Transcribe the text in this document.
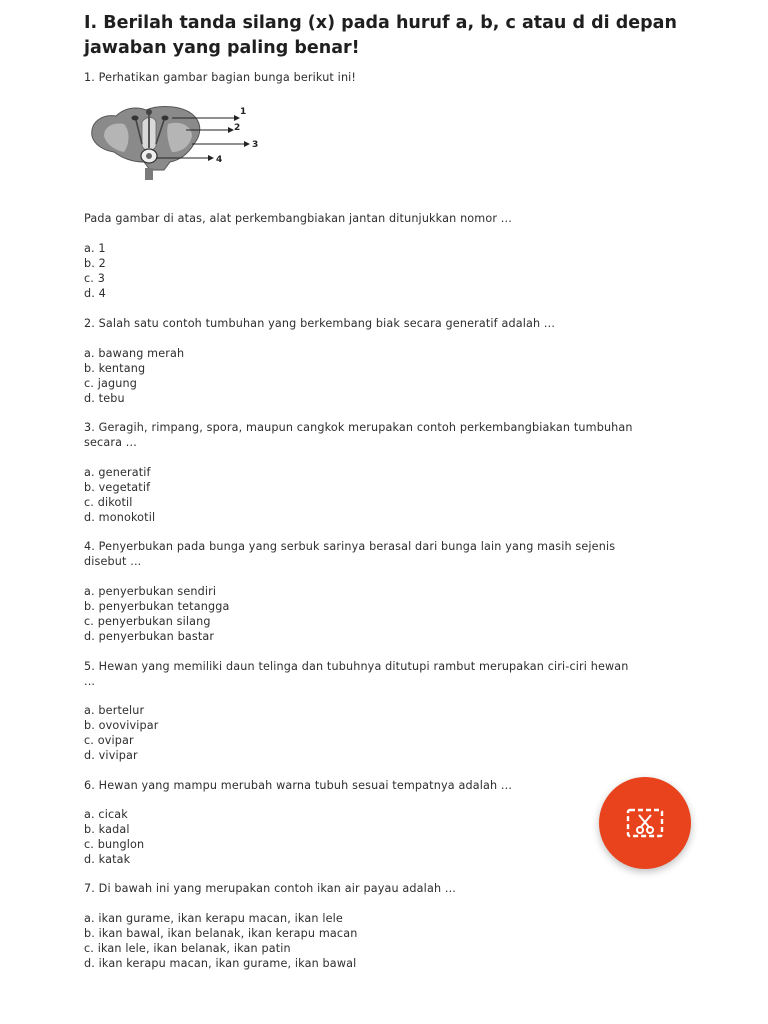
I. Berilah tanda silang (x) pada huruf a, b, c atau d di depan jawaban yang paling benar!
1. Perhatikan gambar bagian bunga berikut ini!
1
2
3
4
Pada gambar di atas, alat perkembangbiakan jantan ditunjukkan nomor ...
a. 1
b. 2
c. 3
d. 4
2. Salah satu contoh tumbuhan yang berkembang biak secara generatif adalah ...
a. bawang merah
b. kentang
c. jagung
d. tebu
3. Geragih, rimpang, spora, maupun cangkok merupakan contoh perkembangbiakan tumbuhan
secara ...
a. generatif
b. vegetatif
c. dikotil
d. monokotil
4. Penyerbukan pada bunga yang serbuk sarinya berasal dari bunga lain yang masih sejenis
disebut ...
a. penyerbukan sendiri
b. penyerbukan tetangga
c. penyerbukan silang
d. penyerbukan bastar
5. Hewan yang memiliki daun telinga dan tubuhnya ditutupi rambut merupakan ciri-ciri hewan
...
a. bertelur
b. ovovivipar
c. ovipar
d. vivipar
6. Hewan yang mampu merubah warna tubuh sesuai tempatnya adalah ...
a. cicak
b. kadal
c. bunglon
d. katak
7. Di bawah ini yang merupakan contoh ikan air payau adalah ...
a. ikan gurame, ikan kerapu macan, ikan lele
b. ikan bawal, ikan belanak, ikan kerapu macan
c. ikan lele, ikan belanak, ikan patin
d. ikan kerapu macan, ikan gurame, ikan bawal
